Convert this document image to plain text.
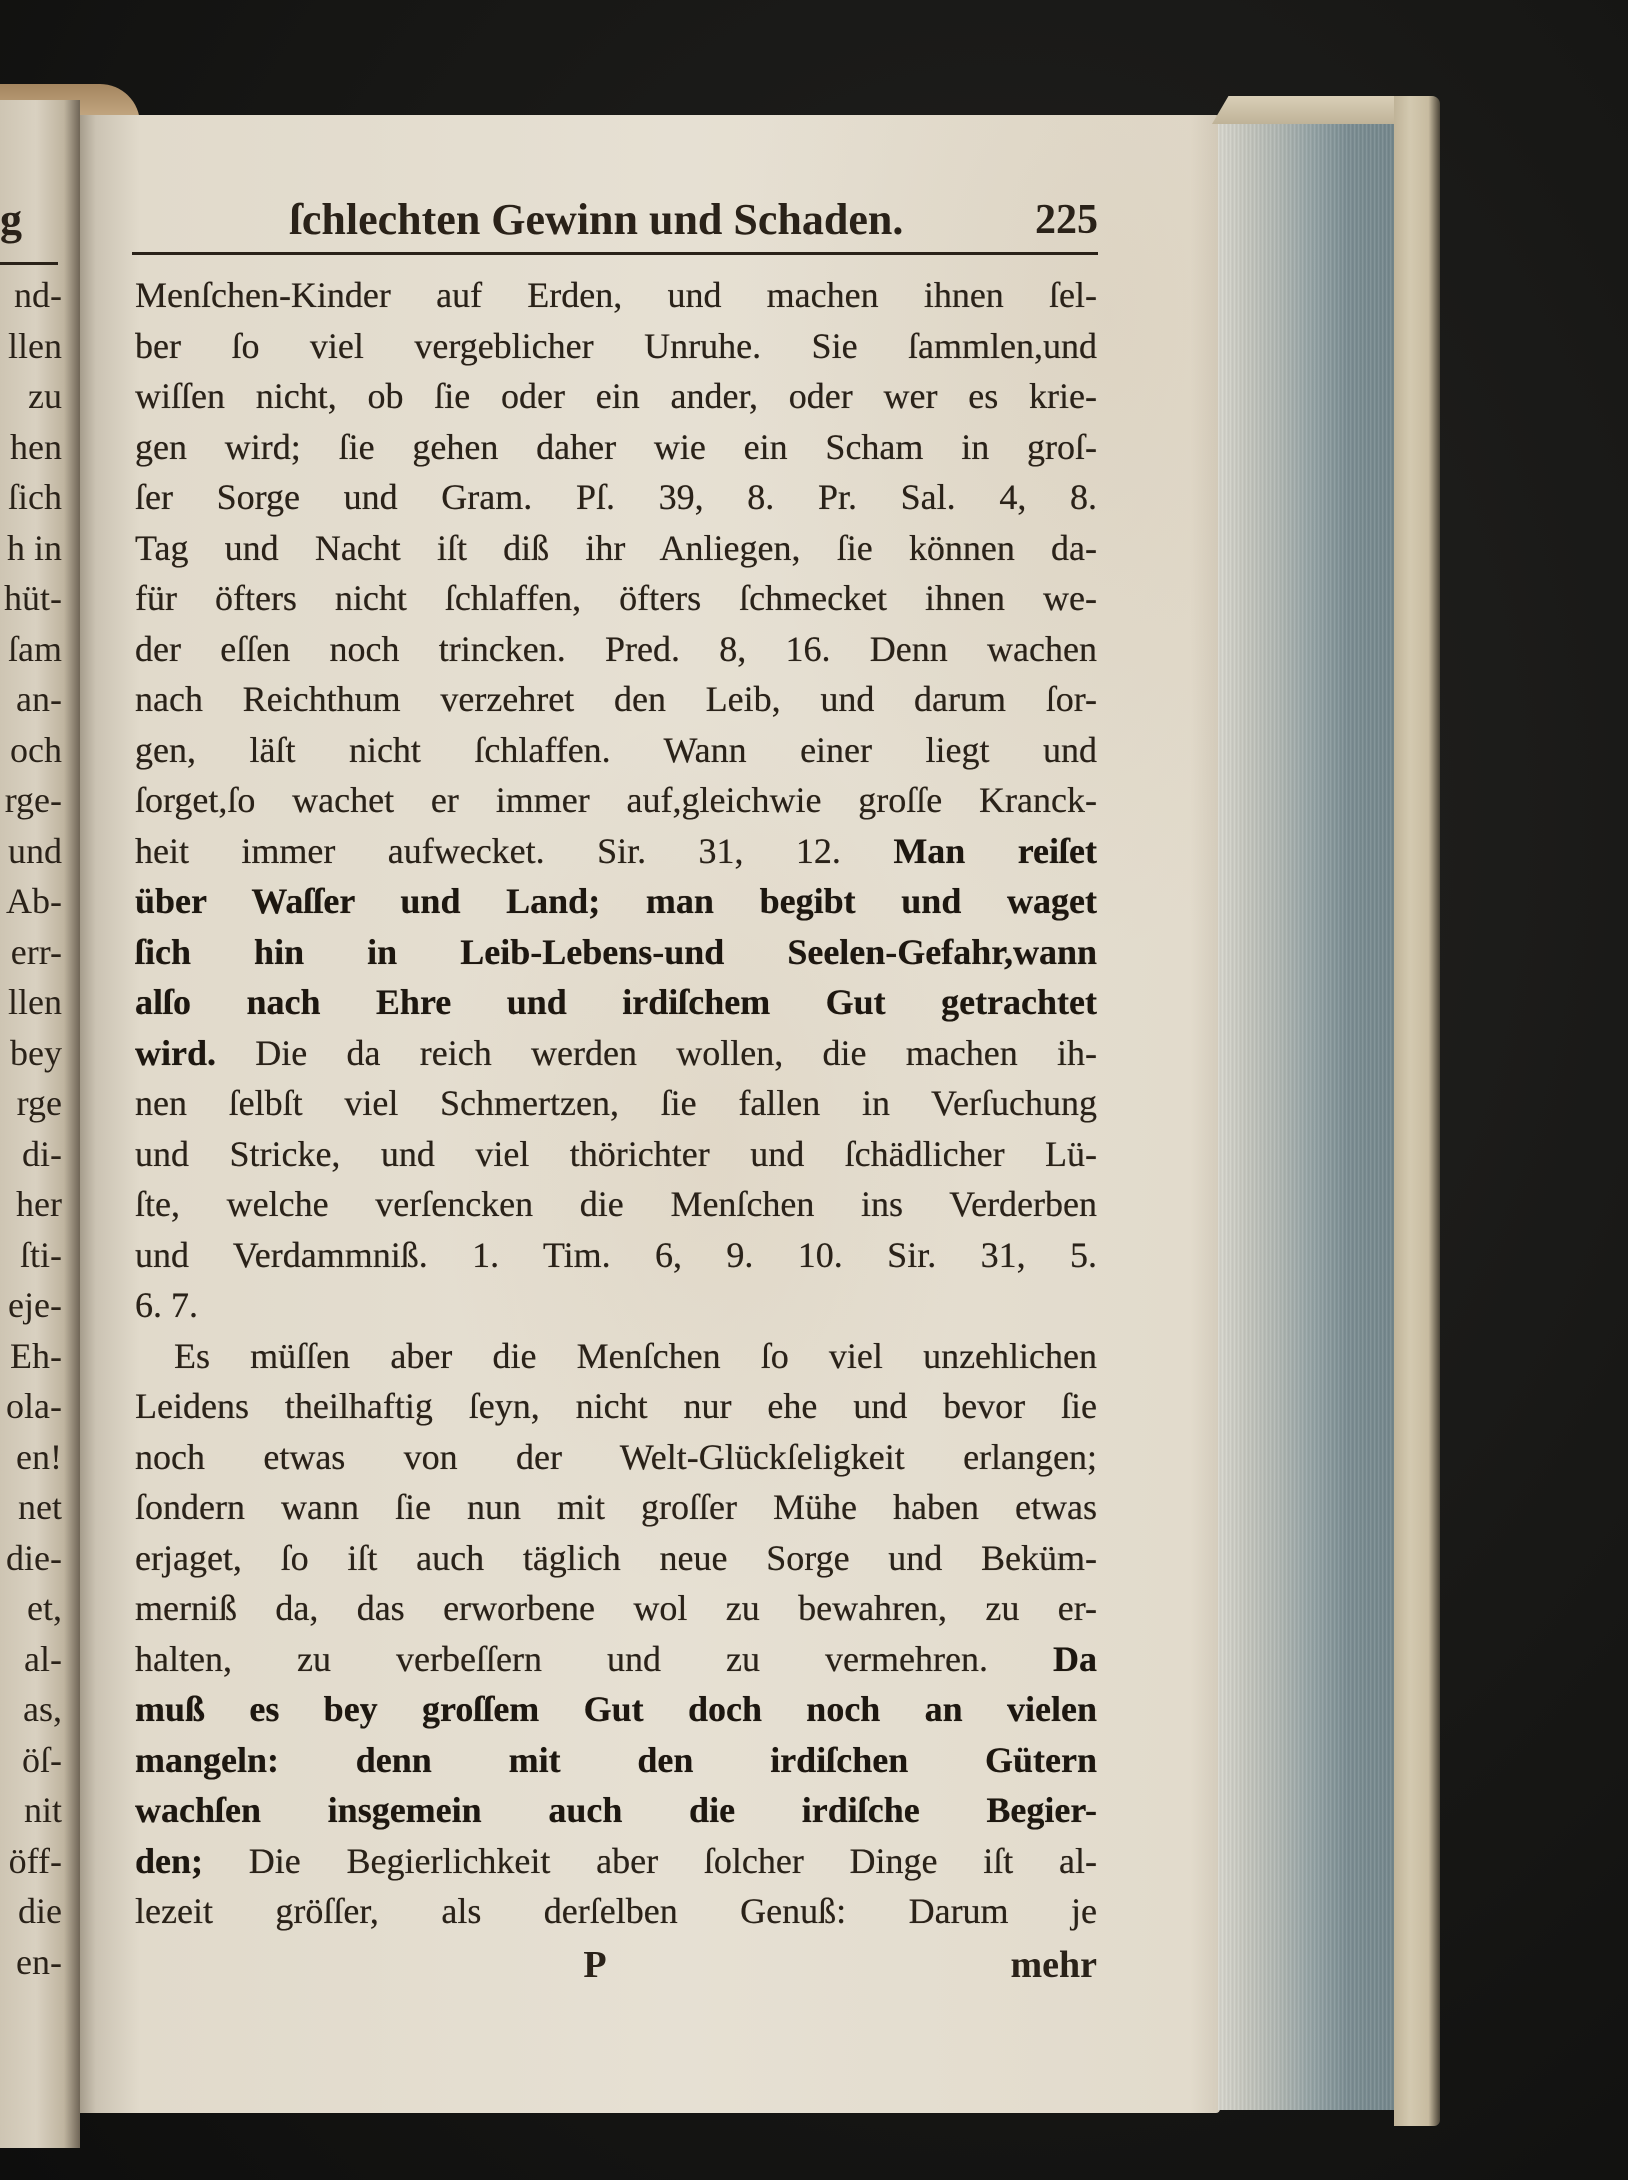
g
nd-
llen
zu
hen
ſich
h in
hüt-
ſam
an-
och
rge-
und
Ab-
err-
llen
bey
rge
di-
her
ſti-
eje-
Eh-
ola-
en!
net
die-
et,
al-
as,
öſ-
nit
öff-
die
en-
ſchlechten Gewinn und Schaden.	225
Menſchen-Kinder auf Erden, und machen ihnen ſel-
ber ſo viel vergeblicher Unruhe. Sie ſammlen,und
wiſſen nicht, ob ſie oder ein ander, oder wer es krie-
gen wird; ſie gehen daher wie ein Scham in groſ-
ſer Sorge und Gram. Pſ. 39, 8. Pr. Sal. 4, 8.
Tag und Nacht iſt diß ihr Anliegen, ſie können da-
für öfters nicht ſchlaffen, öfters ſchmecket ihnen we-
der eſſen noch trincken. Pred. 8, 16. Denn wachen
nach Reichthum verzehret den Leib, und darum ſor-
gen, läſt nicht ſchlaffen. Wann einer liegt und
ſorget,ſo wachet er immer auf,gleichwie groſſe Kranck-
heit immer aufwecket. Sir. 31, 12. Man reiſet
über Waſſer und Land; man begibt und waget
ſich hin in Leib-Lebens-und Seelen-Gefahr,wann
alſo nach Ehre und irdiſchem Gut getrachtet
wird. Die da reich werden wollen, die machen ih-
nen ſelbſt viel Schmertzen, ſie fallen in Verſuchung
und Stricke, und viel thörichter und ſchädlicher Lü-
ſte, welche verſencken die Menſchen ins Verderben
und Verdammniß. 1. Tim. 6, 9. 10. Sir. 31, 5.
6. 7.
Es müſſen aber die Menſchen ſo viel unzehlichen
Leidens theilhaftig ſeyn, nicht nur ehe und bevor ſie
noch etwas von der Welt-Glückſeligkeit erlangen;
ſondern wann ſie nun mit groſſer Mühe haben etwas
erjaget, ſo iſt auch täglich neue Sorge und Beküm-
merniß da, das erworbene wol zu bewahren, zu er-
halten, zu verbeſſern und zu vermehren. Da
muß es bey groſſem Gut doch noch an vielen
mangeln: denn mit den irdiſchen Gütern
wachſen insgemein auch die irdiſche Begier-
den; Die Begierlichkeit aber ſolcher Dinge iſt al-
lezeit gröſſer, als derſelben Genuß: Darum je
P	mehr
